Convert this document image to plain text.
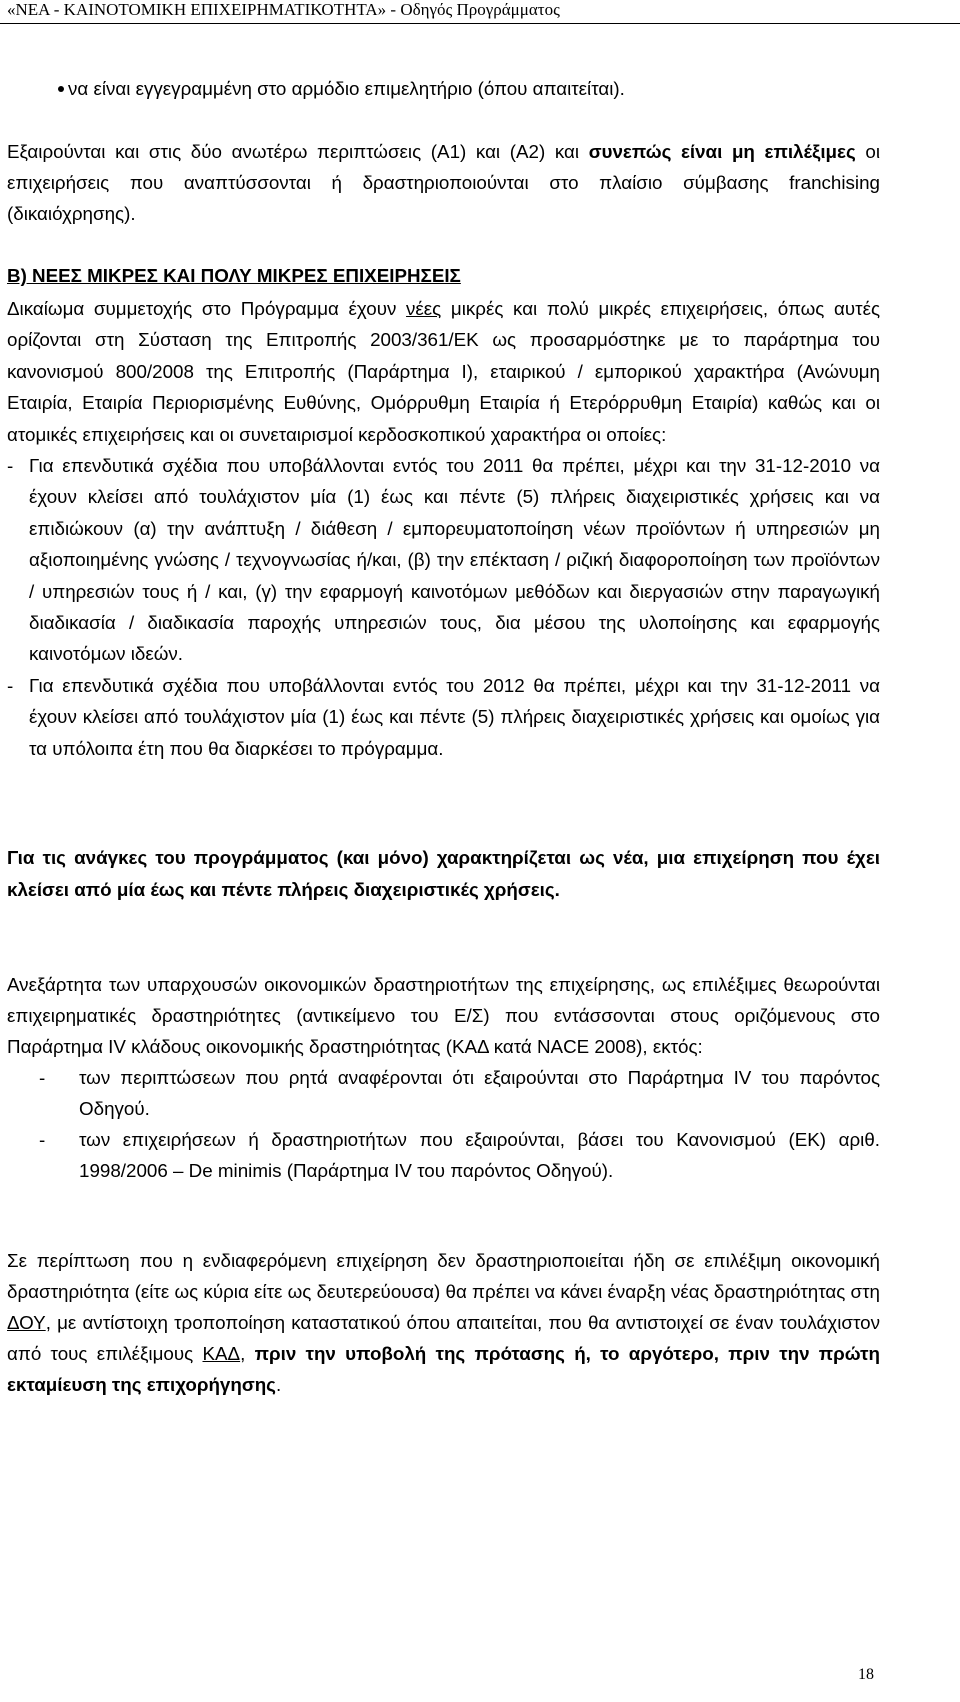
«ΝΕΑ - ΚΑΙΝΟΤΟΜΙΚΗ ΕΠΙΧΕΙΡΗΜΑΤΙΚΟΤΗΤΑ» - Οδηγός Προγράμματος
να είναι εγγεγραμμένη στο αρμόδιο επιμελητήριο (όπου απαιτείται).
Εξαιρούνται και στις δύο ανωτέρω περιπτώσεις (Α1) και (Α2) και συνεπώς είναι μη επιλέξιμες οι επιχειρήσεις που αναπτύσσονται ή δραστηριοποιούνται στο πλαίσιο σύμβασης franchising (δικαιόχρησης).
Β) ΝΕΕΣ ΜΙΚΡΕΣ ΚΑΙ ΠΟΛΥ ΜΙΚΡΕΣ ΕΠΙΧΕΙΡΗΣΕΙΣ
Δικαίωμα συμμετοχής στο Πρόγραμμα έχουν νέες μικρές και πολύ μικρές επιχειρήσεις, όπως αυτές ορίζονται στη Σύσταση της Επιτροπής 2003/361/ΕΚ ως προσαρμόστηκε με το παράρτημα του κανονισμού 800/2008 της Επιτροπής (Παράρτημα Ι), εταιρικού / εμπορικού χαρακτήρα (Ανώνυμη Εταιρία, Εταιρία Περιορισμένης Ευθύνης, Ομόρρυθμη Εταιρία ή Ετερόρρυθμη Εταιρία) καθώς και οι ατομικές επιχειρήσεις και οι συνεταιρισμοί κερδοσκοπικού χαρακτήρα οι οποίες:
- Για επενδυτικά σχέδια που υποβάλλονται εντός του 2011 θα πρέπει, μέχρι και την 31-12-2010 να έχουν κλείσει από τουλάχιστον μία (1) έως και πέντε (5) πλήρεις διαχειριστικές χρήσεις και να επιδιώκουν (α) την ανάπτυξη / διάθεση / εμπορευματοποίηση νέων προϊόντων ή υπηρεσιών μη αξιοποιημένης γνώσης / τεχνογνωσίας ή/και, (β) την επέκταση / ριζική διαφοροποίηση των προϊόντων / υπηρεσιών τους ή / και, (γ) την εφαρμογή καινοτόμων μεθόδων και διεργασιών στην παραγωγική διαδικασία / διαδικασία παροχής υπηρεσιών τους, δια μέσου της υλοποίησης και εφαρμογής καινοτόμων ιδεών.
- Για επενδυτικά σχέδια που υποβάλλονται εντός του 2012 θα πρέπει, μέχρι και την 31-12-2011 να έχουν κλείσει από τουλάχιστον μία (1) έως και πέντε (5) πλήρεις διαχειριστικές χρήσεις και ομοίως για τα υπόλοιπα έτη που θα διαρκέσει το πρόγραμμα.
Για τις ανάγκες του προγράμματος (και μόνο) χαρακτηρίζεται ως νέα, μια επιχείρηση που έχει κλείσει από μία έως και πέντε πλήρεις διαχειριστικές χρήσεις.
Ανεξάρτητα των υπαρχουσών οικονομικών δραστηριοτήτων της επιχείρησης, ως επιλέξιμες θεωρούνται επιχειρηματικές δραστηριότητες (αντικείμενο του Ε/Σ) που εντάσσονται στους οριζόμενους στο Παράρτημα IV κλάδους οικονομικής δραστηριότητας (ΚΑΔ κατά NACE 2008), εκτός:
-	των περιπτώσεων που ρητά αναφέρονται ότι εξαιρούνται στο Παράρτημα IV του παρόντος Οδηγού.
-	των επιχειρήσεων ή δραστηριοτήτων που εξαιρούνται, βάσει του Κανονισμού (ΕΚ) αριθ. 1998/2006 – De minimis (Παράρτημα IV του παρόντος Οδηγού).
Σε περίπτωση που η ενδιαφερόμενη επιχείρηση δεν δραστηριοποιείται ήδη σε επιλέξιμη οικονομική δραστηριότητα (είτε ως κύρια είτε ως δευτερεύουσα) θα πρέπει να κάνει έναρξη νέας δραστηριότητας στη ΔΟΥ, με αντίστοιχη τροποποίηση καταστατικού όπου απαιτείται, που θα αντιστοιχεί σε έναν τουλάχιστον από τους επιλέξιμους ΚΑΔ, πριν την υποβολή της πρότασης ή, το αργότερο, πριν την πρώτη εκταμίευση της επιχορήγησης.
18
